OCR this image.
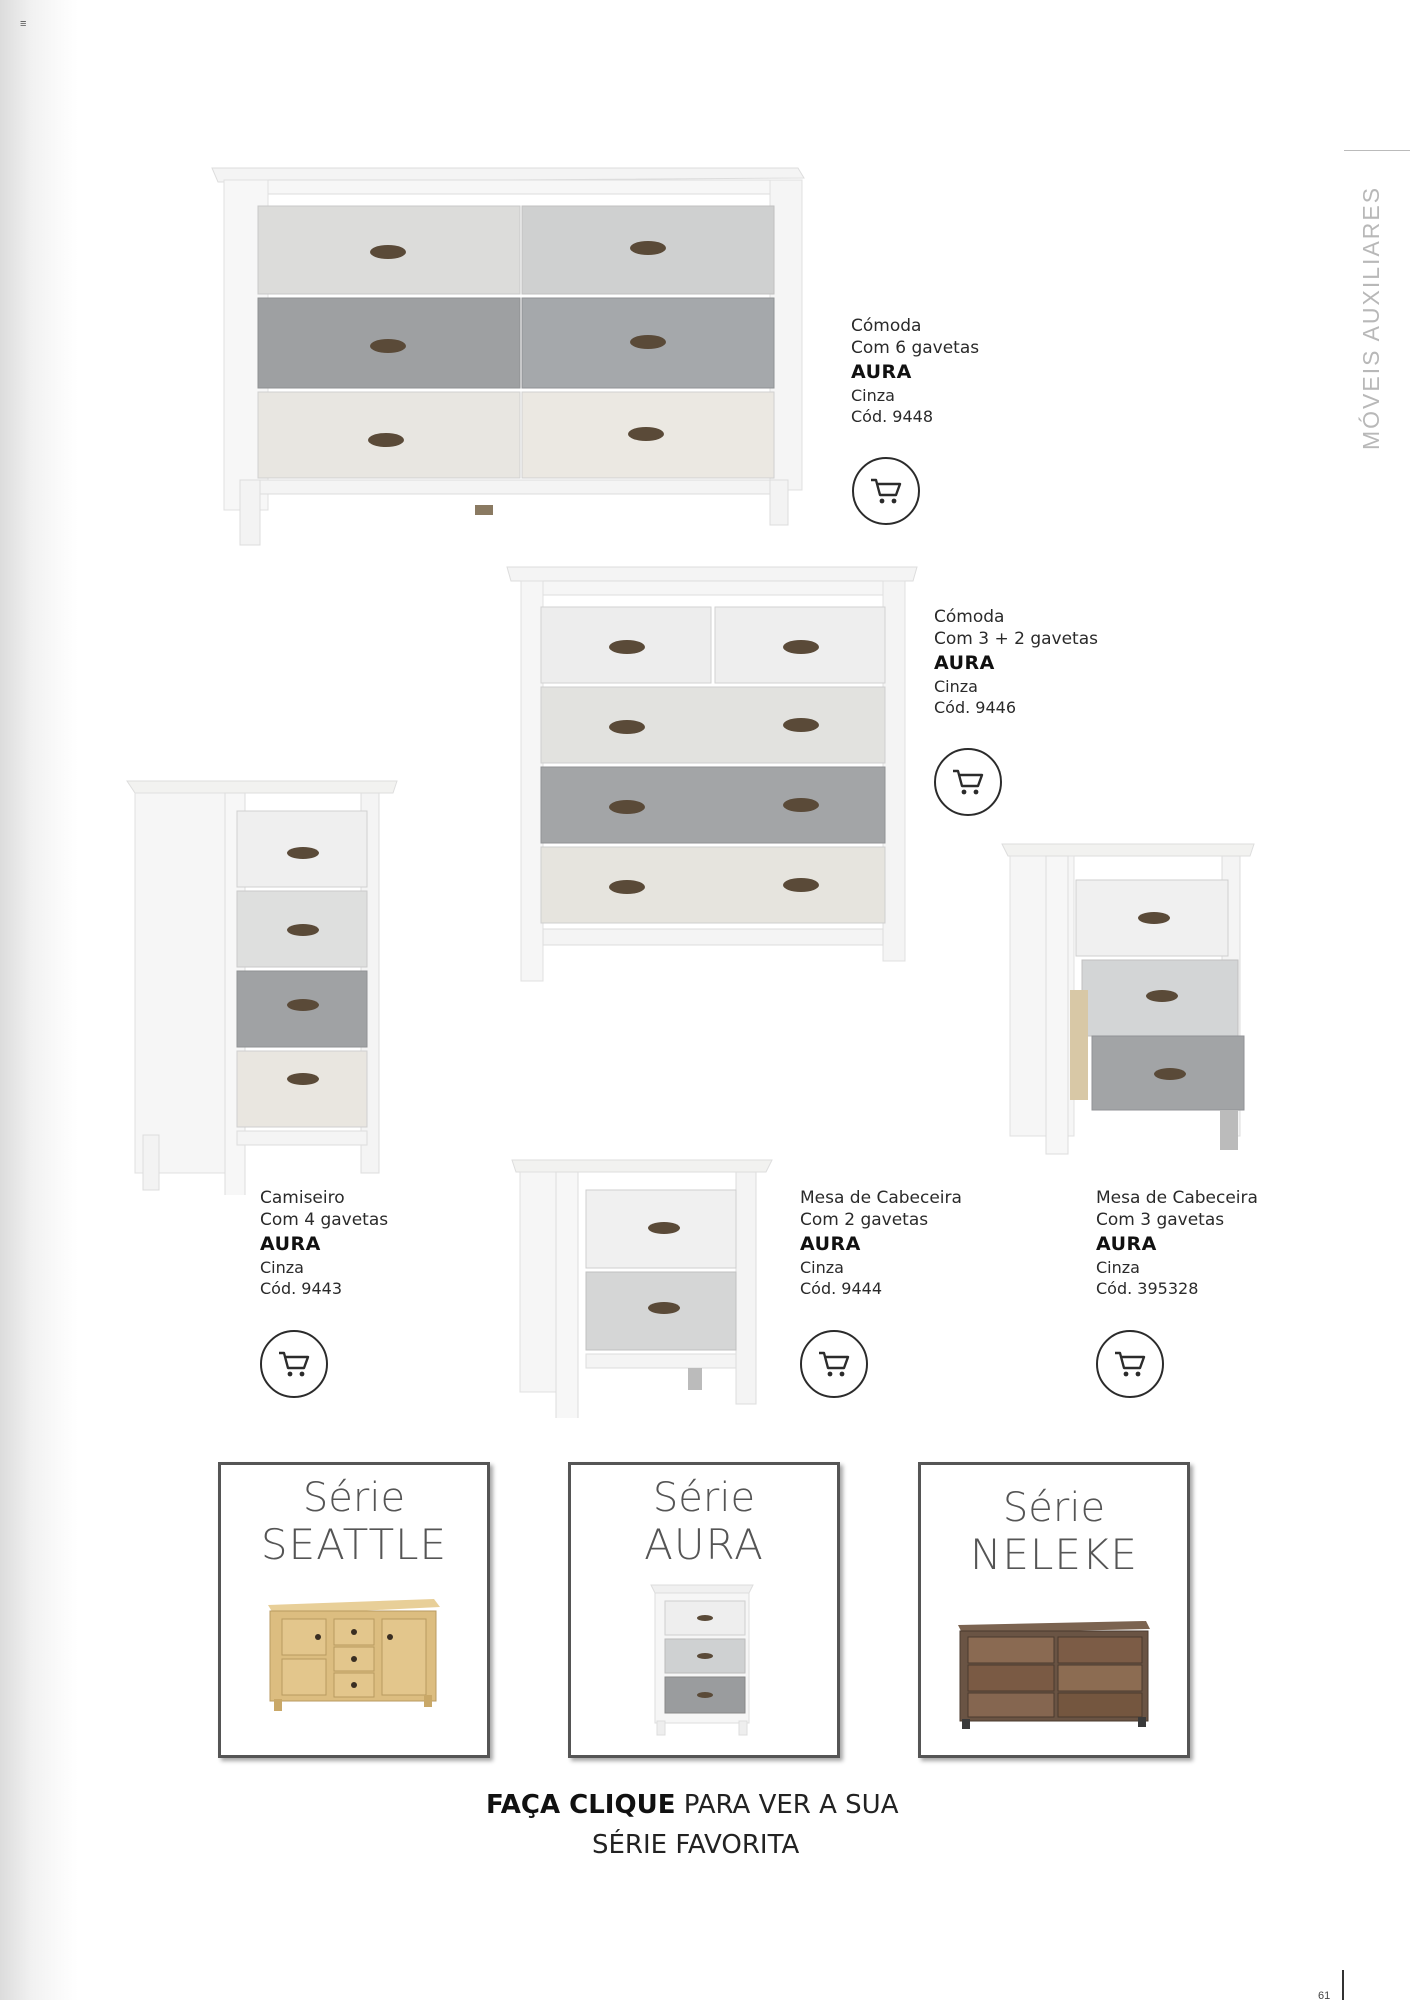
≡
MÓVEIS AUXILIARES
Cómoda
Com 6 gavetas
AURA
Cinza
Cód. 9448
Cómoda
Com 3 + 2 gavetas
AURA
Cinza
Cód. 9446
Camiseiro
Com 4 gavetas
AURA
Cinza
Cód. 9443
Mesa de Cabeceira
Com 2 gavetas
AURA
Cinza
Cód. 9444
Mesa de Cabeceira
Com 3 gavetas
AURA
Cinza
Cód. 395328
Série
SEATTLE
Série
AURA
Série
NELEKE
FAÇA CLIQUE PARA VER A SUA
SÉRIE FAVORITA
61
